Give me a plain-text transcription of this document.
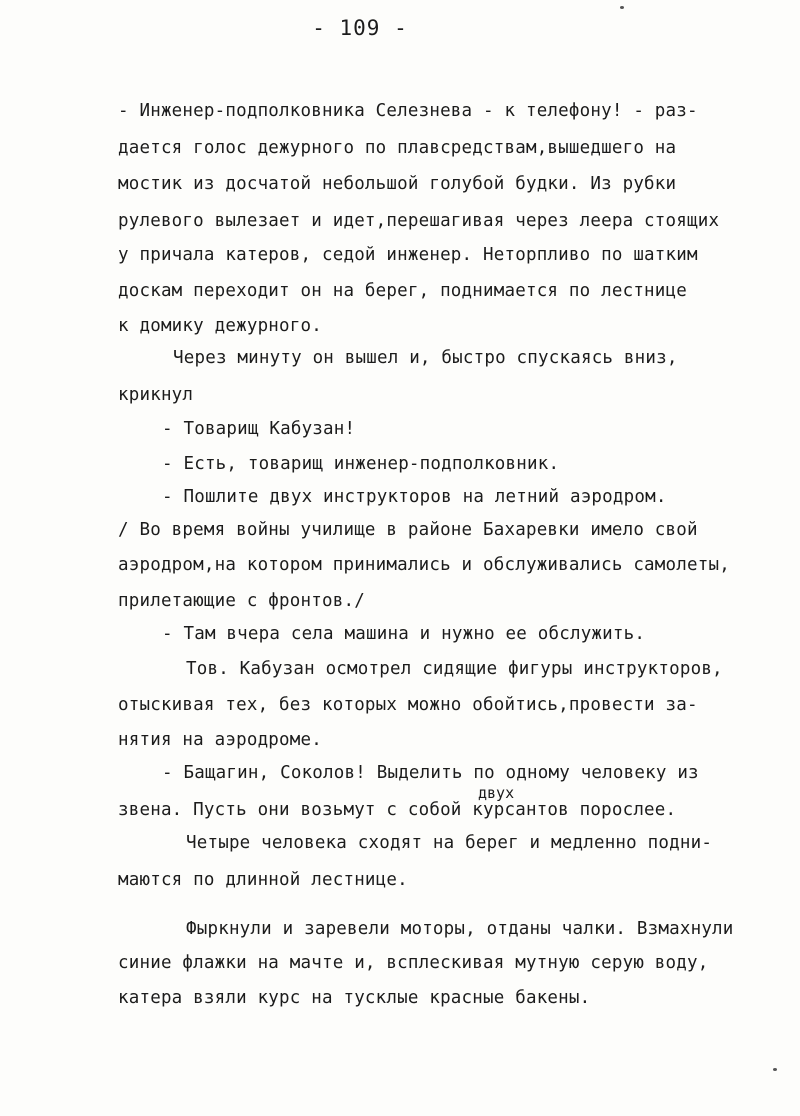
- 109 -
- Инженер-подполковника Селезнева - к телефону! - раз-
дается голос дежурного по плавсредствам,вышедшего на
мостик из досчатой небольшой голубой будки. Из рубки
рулевого вылезает и идет,перешагивая через леера стоящих
у причала катеров, седой инженер. Неторпливо по шатким
доскам переходит он на берег, поднимается по лестнице
к домику дежурного.
Через минуту он вышел и, быстро спускаясь вниз,
крикнул
- Товарищ Кабузан!
- Есть, товарищ инженер-подполковник.
- Пошлите двух инструкторов на летний аэродром.
/ Во время войны училище в районе Бахаревки имело свой
аэродром,на котором принимались и обслуживались самолеты,
прилетающие с фронтов./
- Там вчера села машина и нужно ее обслужить.
Тов. Кабузан осмотрел сидящие фигуры инструкторов,
отыскивая тех, без которых можно обойтись,провести за-
нятия на аэродроме.
- Бащагин, Соколов! Выделить по одному человеку из
двух
звена. Пусть они возьмут с собой курсантов порослее.
Четыре человека сходят на берег и медленно подни-
маются по длинной лестнице.
Фыркнули и заревели моторы, отданы чалки. Взмахнули
синие флажки на мачте и, всплескивая мутную серую воду,
катера взяли курс на тусклые красные бакены.
